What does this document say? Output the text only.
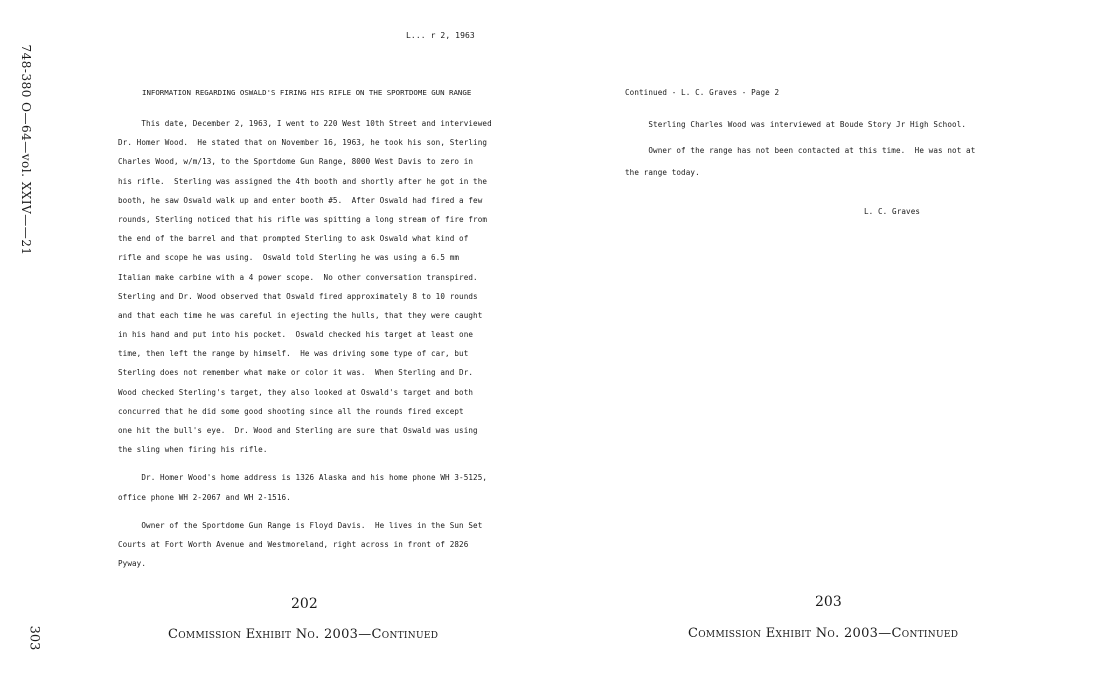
748-380 O—64—vol. XXIV——21
303
L... r 2, 1963
INFORMATION REGARDING OSWALD'S FIRING HIS RIFLE ON THE SPORTDOME GUN RANGE
This date, December 2, 1963, I went to 220 West 10th Street and interviewed
Dr. Homer Wood.  He stated that on November 16, 1963, he took his son, Sterling
Charles Wood, w/m/13, to the Sportdome Gun Range, 8000 West Davis to zero in
his rifle.  Sterling was assigned the 4th booth and shortly after he got in the
booth, he saw Oswald walk up and enter booth #5.  After Oswald had fired a few
rounds, Sterling noticed that his rifle was spitting a long stream of fire from
the end of the barrel and that prompted Sterling to ask Oswald what kind of
rifle and scope he was using.  Oswald told Sterling he was using a 6.5 mm
Italian make carbine with a 4 power scope.  No other conversation transpired.
Sterling and Dr. Wood observed that Oswald fired approximately 8 to 10 rounds
and that each time he was careful in ejecting the hulls, that they were caught
in his hand and put into his pocket.  Oswald checked his target at least one
time, then left the range by himself.  He was driving some type of car, but
Sterling does not remember what make or color it was.  When Sterling and Dr.
Wood checked Sterling's target, they also looked at Oswald's target and both
concurred that he did some good shooting since all the rounds fired except
one hit the bull's eye.  Dr. Wood and Sterling are sure that Oswald was using
the sling when firing his rifle.
Dr. Homer Wood's home address is 1326 Alaska and his home phone WH 3-5125,
office phone WH 2-2067 and WH 2-1516.
Owner of the Sportdome Gun Range is Floyd Davis.  He lives in the Sun Set
Courts at Fort Worth Avenue and Westmoreland, right across in front of 2826
Pyway.
202
Commission Exhibit No. 2003—Continued
Continued - L. C. Graves - Page 2
Sterling Charles Wood was interviewed at Boude Story Jr High School.
Owner of the range has not been contacted at this time.  He was not at
the range today.
L. C. Graves
203
Commission Exhibit No. 2003—Continued
